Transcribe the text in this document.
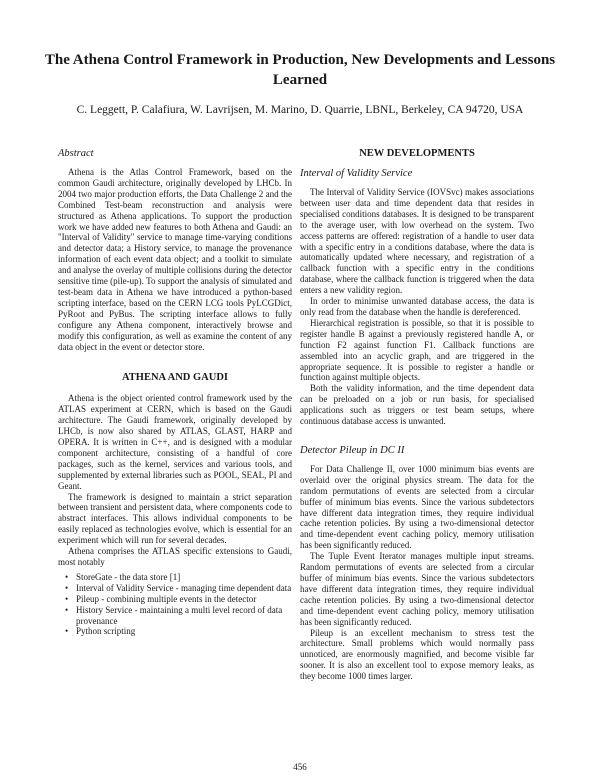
The Athena Control Framework in Production, New Developments and Lessons Learned

C. Leggett, P. Calafiura, W. Lavrijsen, M. Marino, D. Quarrie, LBNL, Berkeley, CA 94720, USA

Abstract

Athena is the Atlas Control Framework, based on the common Gaudi architecture, originally developed by LHCb. In 2004 two major production efforts, the Data Challenge 2 and the Combined Test-beam reconstruction and analysis were structured as Athena applications. To support the production work we have added new features to both Athena and Gaudi: an "Interval of Validity" service to manage time-varying conditions and detector data; a History service, to manage the provenance information of each event data object; and a toolkit to simulate and analyse the overlay of multiple collisions during the detector sensitive time (pile-up). To support the analysis of simulated and test-beam data in Athena we have introduced a python-based scripting interface, based on the CERN LCG tools PyLCGDict, PyRoot and PyBus. The scripting interface allows to fully configure any Athena component, interactively browse and modify this configuration, as well as examine the content of any data object in the event or detector store.

ATHENA AND GAUDI

Athena is the object oriented control framework used by the ATLAS experiment at CERN, which is based on the Gaudi architecture. The Gaudi framework, originally developed by LHCb, is now also shared by ATLAS, GLAST, HARP and OPERA. It is written in C++, and is designed with a modular component architecture, consisting of a handful of core packages, such as the kernel, services and various tools, and supplemented by external libraries such as POOL, SEAL, PI and Geant.

The framework is designed to maintain a strict separation between transient and persistent data, where components code to abstract interfaces. This allows individual components to be easily replaced as technologies evolve, which is essential for an experiment which will run for several decades.

Athena comprises the ATLAS specific extensions to Gaudi, most notably

• StoreGate - the data store [1]
• Interval of Validity Service - managing time dependent data
• Pileup - combining multiple events in the detector
• History Service - maintaining a multi level record of data provenance
• Python scripting
NEW DEVELOPMENTS
Interval of Validity Service

The Interval of Validity Service (IOVSvc) makes associations between user data and time dependent data that resides in specialised conditions databases. It is designed to be transparent to the average user, with low overhead on the system. Two access patterns are offered: registration of a handle to user data with a specific entry in a conditions database, where the data is automatically updated where necessary, and registration of a callback function with a specific entry in the conditions database, where the callback function is triggered when the data enters a new validity region.

In order to minimise unwanted database access, the data is only read from the database when the handle is dereferenced.

Hierarchical registration is possible, so that it is possible to register handle B against a previously registered handle A, or function F2 against function F1. Callback functions are assembled into an acyclic graph, and are triggered in the appropriate sequence. It is possible to register a handle or function against multiple objects.

Both the validity information, and the time dependent data can be preloaded on a job or run basis, for specialised applications such as triggers or test beam setups, where continuous database access is unwanted.

Detector Pileup in DC II

For Data Challenge II, over 1000 minimum bias events are overlaid over the original physics stream. The data for the random permutations of events are selected from a circular buffer of minimum bias events. Since the various subdetectors have different data integration times, they require individual cache retention policies. By using a two-dimensional detector and time-dependent event caching policy, memory utilisation has been significantly reduced.

The Tuple Event Iterator manages multiple input streams. Random permutations of events are selected from a circular buffer of minimum bias events. Since the various subdetectors have different data integration times, they require individual cache retention policies. By using a two-dimensional detector and time-dependent event caching policy, memory utilisation has been significantly reduced.

Pileup is an excellent mechanism to stress test the architecture. Small problems which would normally pass unnoticed, are enormously magnified, and become visible far sooner. It is also an excellent tool to expose memory leaks, as they become 1000 times larger.

456
